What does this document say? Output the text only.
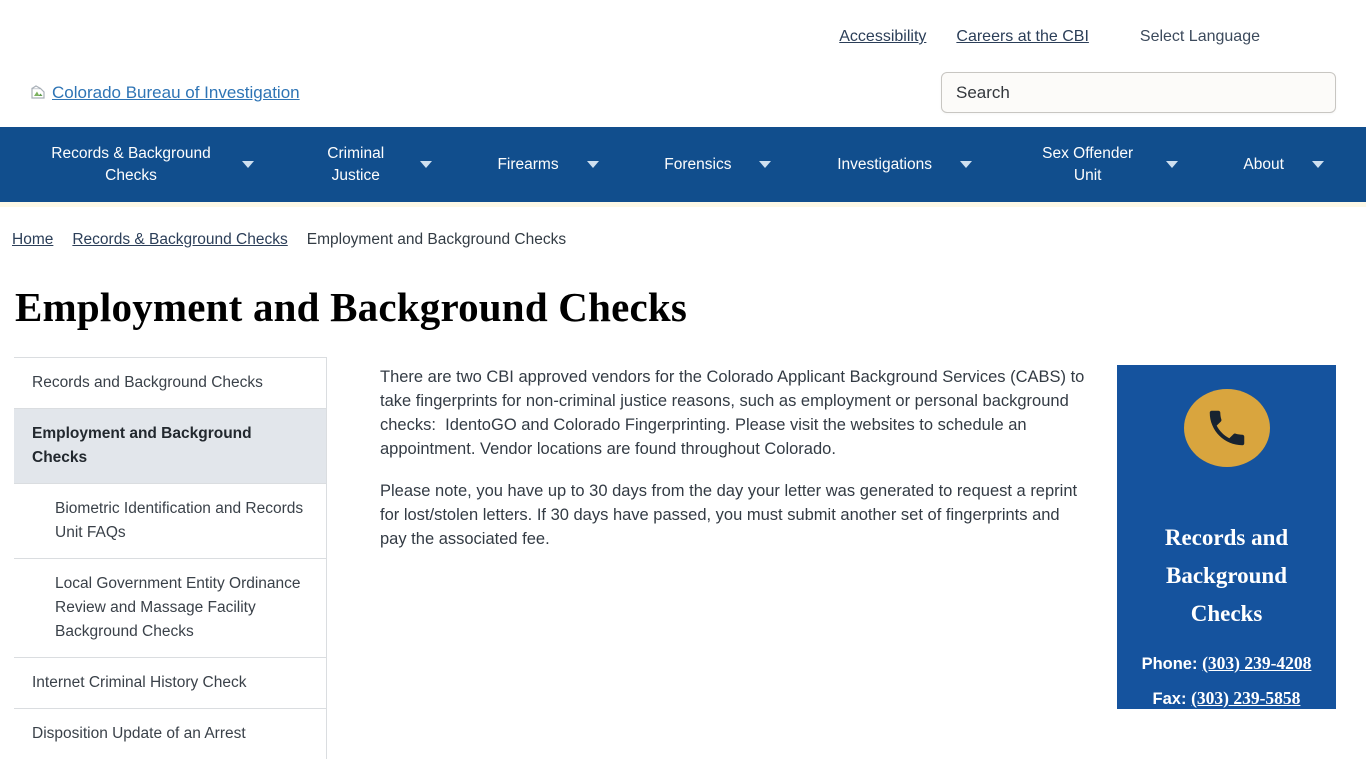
Accessibility Careers at the CBI	Select Language
Colorado Bureau of Investigation
Search
Records & Background Checks
Criminal Justice
Firearms	Forensics	Investigations
Sex Offender Unit
About
Home Records & Background Checks Employment and Background Checks
Employment and Background Checks
Records and Background Checks
Employment and Background Checks
Biometric Identification and Records Unit FAQs
Local Government Entity Ordinance Review and Massage Facility Background Checks
Internet Criminal History Check
Disposition Update of an Arrest

There are two CBI approved vendors for the Colorado Applicant Background Services (CABS) to take fingerprints for non-criminal justice reasons, such as employment or personal background checks:  IdentoGO and Colorado Fingerprinting. Please visit the websites to schedule an appointment. Vendor locations are found throughout Colorado.

Please note, you have up to 30 days from the day your letter was generated to request a reprint for lost/stolen letters. If 30 days have passed, you must submit another set of fingerprints and pay the associated fee.	Records and Background Checks
Phone: (303) 239-4208
Fax: (303) 239-5858
